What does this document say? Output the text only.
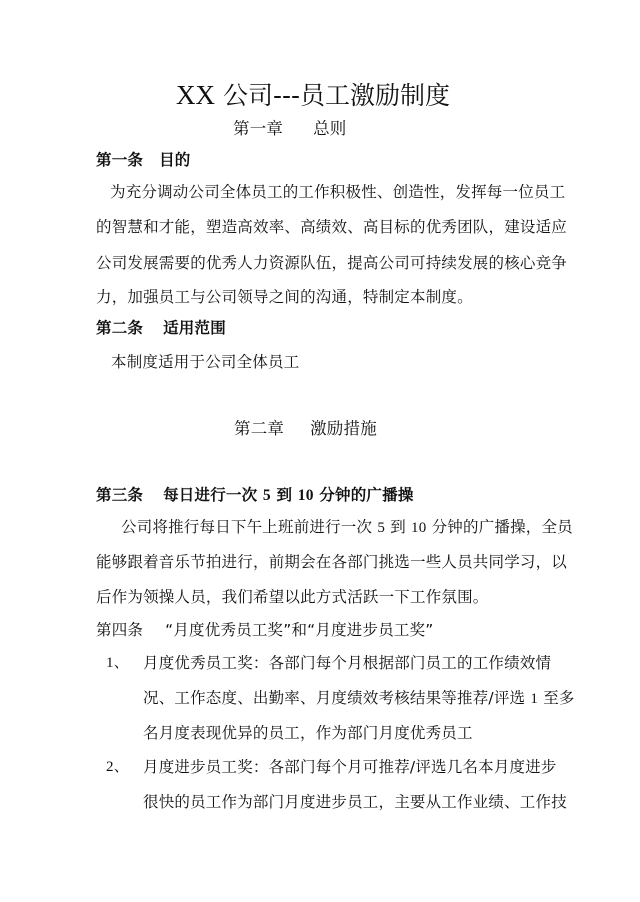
XX 公司---员工激励制度
第一章 总则
第一条 目的
为充分调动公司全体员工的工作积极性、创造性，发挥每一位员工
的智慧和才能，塑造高效率、高绩效、高目标的优秀团队，建设适应
公司发展需要的优秀人力资源队伍，提高公司可持续发展的核心竞争
力，加强员工与公司领导之间的沟通，特制定本制度。
第二条 适用范围
本制度适用于公司全体员工
第二章 激励措施
第三条 每日进行一次 5 到 10 分钟的广播操
公司将推行每日下午上班前进行一次 5 到 10 分钟的广播操，全员
能够跟着音乐节拍进行，前期会在各部门挑选一些人员共同学习，以
后作为领操人员，我们希望以此方式活跃一下工作氛围。
第四条 “月度优秀员工奖”和“月度进步员工奖”
1、 月度优秀员工奖：各部门每个月根据部门员工的工作绩效情
况、工作态度、出勤率、月度绩效考核结果等推荐/评选 1 至多
名月度表现优异的员工，作为部门月度优秀员工
2、 月度进步员工奖：各部门每个月可推荐/评选几名本月度进步
很快的员工作为部门月度进步员工，主要从工作业绩、工作技
